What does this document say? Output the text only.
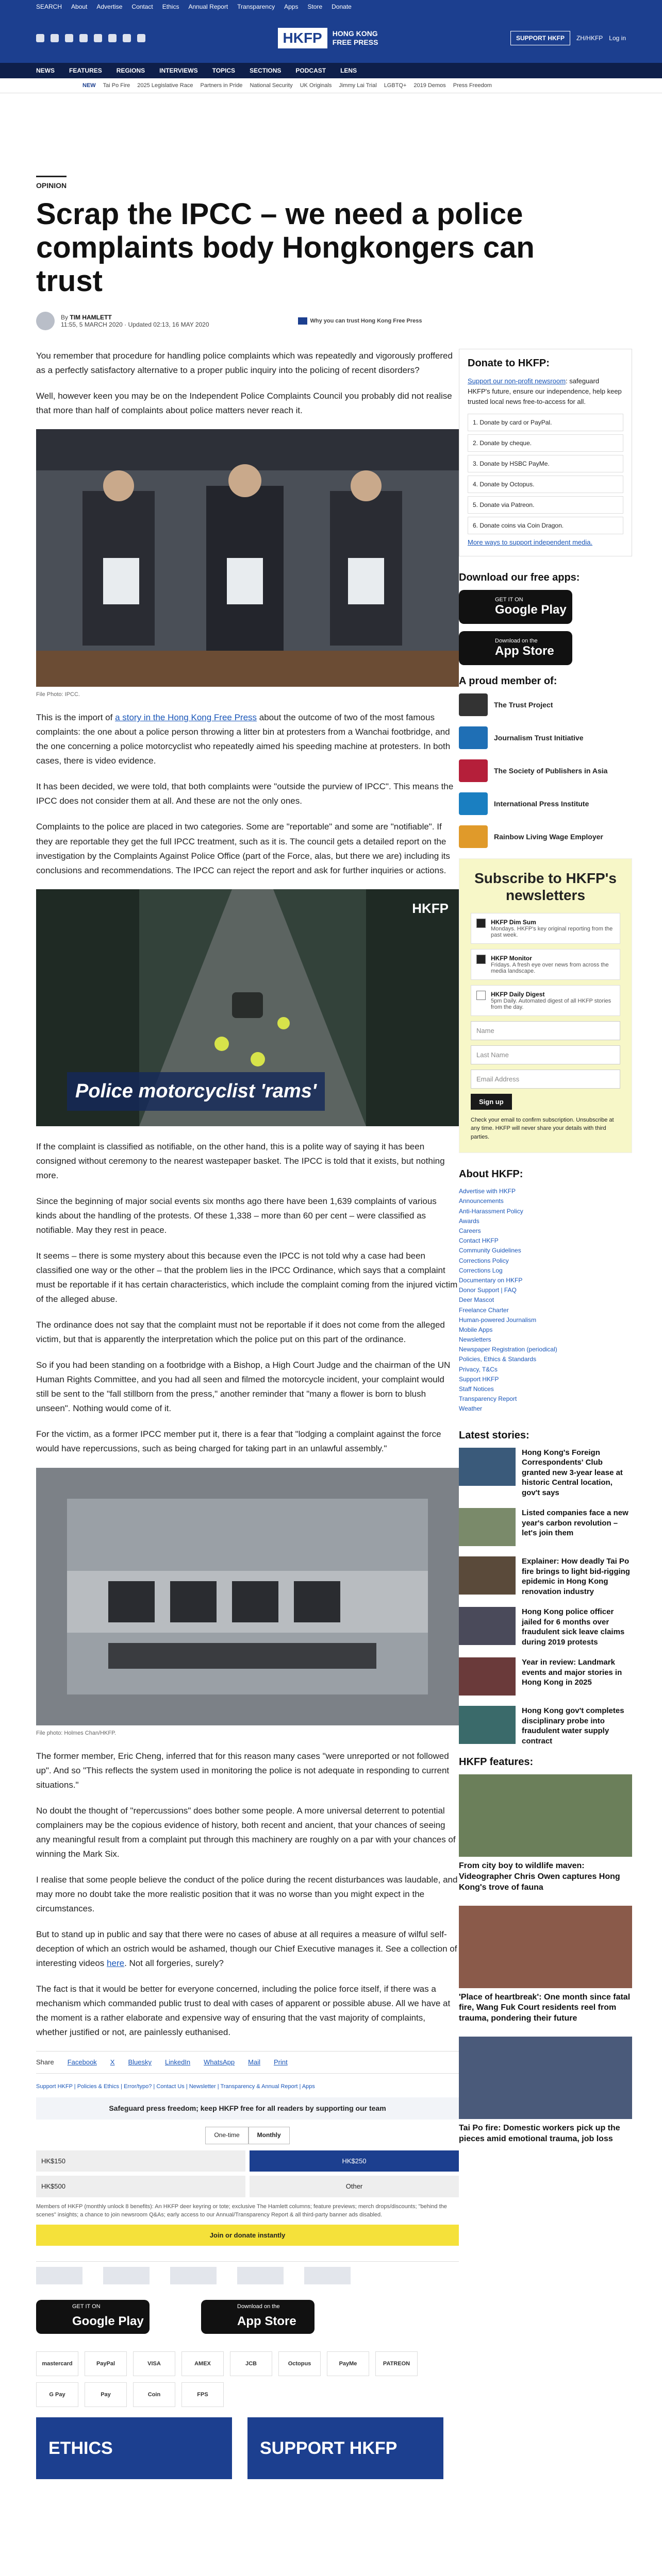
SEARCH About Advertise Contact Ethics Annual Report Transparency Apps Store Donate
HKFP	HONG KONG
FREE PRESS	SUPPORT HKFP	ZH/HKFP Log in
NEWS FEATURES REGIONS INTERVIEWS TOPICS SECTIONS PODCAST LENS
NEW Tai Po Fire 2025 Legislative Race Partners in Pride National Security UK Originals Jimmy Lai Trial LGBTQ+ 2019 Demos Press Freedom
OPINION
Scrap the IPCC – we need a police complaints body Hongkongers can trust
By TIM HAMLETT
11:55, 5 MARCH 2020 · Updated 02:13, 16 MAY 2020	Why you can trust Hong Kong Free Press

You remember that procedure for handling police complaints which was repeatedly and vigorously proffered as a perfectly satisfactory alternative to a proper public inquiry into the policing of recent disorders?

Well, however keen you may be on the Independent Police Complaints Council you probably did not realise that more than half of complaints about police matters never reach it.

File Photo: IPCC.

This is the import of a story in the Hong Kong Free Press about the outcome of two of the most famous complaints: the one about a police person throwing a litter bin at protesters from a Wanchai footbridge, and the one concerning a police motorcyclist who repeatedly aimed his speeding machine at protesters. In both cases, there is video evidence.

It has been decided, we were told, that both complaints were "outside the purview of IPCC". This means the IPCC does not consider them at all. And these are not the only ones.

Complaints to the police are placed in two categories. Some are "reportable" and some are "notifiable". If they are reportable they get the full IPCC treatment, such as it is. The council gets a detailed report on the investigation by the Complaints Against Police Office (part of the Force, alas, but there we are) including its conclusions and recommendations. The IPCC can reject the report and ask for further inquiries or actions.

HKFP
Police motorcyclist 'rams'

If the complaint is classified as notifiable, on the other hand, this is a polite way of saying it has been consigned without ceremony to the nearest wastepaper basket. The IPCC is told that it exists, but nothing more.

Since the beginning of major social events six months ago there have been 1,639 complaints of various kinds about the handling of the protests. Of these 1,338 – more than 60 per cent – were classified as notifiable. May they rest in peace.

It seems – there is some mystery about this because even the IPCC is not told why a case had been classified one way or the other – that the problem lies in the IPCC Ordinance, which says that a complaint must be reportable if it has certain characteristics, which include the complaint coming from the injured victim of the alleged abuse.

The ordinance does not say that the complaint must not be reportable if it does not come from the alleged victim, but that is apparently the interpretation which the police put on this part of the ordinance.

So if you had been standing on a footbridge with a Bishop, a High Court Judge and the chairman of the UN Human Rights Committee, and you had all seen and filmed the motorcycle incident, your complaint would still be sent to the "fall stillborn from the press," another reminder that "many a flower is born to blush unseen". Nothing would come of it.

For the victim, as a former IPCC member put it, there is a fear that "lodging a complaint against the force would have repercussions, such as being charged for taking part in an unlawful assembly."

File photo: Holmes Chan/HKFP.

The former member, Eric Cheng, inferred that for this reason many cases "were unreported or not followed up". And so "This reflects the system used in monitoring the police is not adequate in responding to current situations."

No doubt the thought of "repercussions" does bother some people. A more universal deterrent to potential complainers may be the copious evidence of history, both recent and ancient, that your chances of seeing any meaningful result from a complaint put through this machinery are roughly on a par with your chances of winning the Mark Six.

I realise that some people believe the conduct of the police during the recent disturbances was laudable, and may more no doubt take the more realistic position that it was no worse than you might expect in the circumstances.

But to stand up in public and say that there were no cases of abuse at all requires a measure of wilful self-deception of which an ostrich would be ashamed, though our Chief Executive manages it. See a collection of interesting videos here. Not all forgeries, surely?

The fact is that it would be better for everyone concerned, including the police force itself, if there was a mechanism which commanded public trust to deal with cases of apparent or possible abuse. All we have at the moment is a rather elaborate and expensive way of ensuring that the vast majority of complaints, whether justified or not, are painlessly euthanised.

Share Facebook X Bluesky LinkedIn WhatsApp Mail Print
Support HKFP | Policies & Ethics | Error/typo? | Contact Us | Newsletter | Transparency & Annual Report | Apps
Safeguard press freedom; keep HKFP free for all readers by supporting our team
One-time	Monthly
HK$150	HK$250
HK$500	Other
Members of HKFP (monthly unlock 8 benefits): An HKFP deer keyring or tote; exclusive The Hamlett columns; feature previews; merch drops/discounts; "behind the scenes" insights; a chance to join newsroom Q&As; early access to our Annual/Transparency Report & all third-party banner ads disabled.
Join or donate instantly
GET IT ON
Google Play
Download on the
App Store
mastercard	PayPal	VISA	AMEX	JCB	Octopus	PayMe	PATREON
G Pay	Pay	Coin	FPS
ETHICS	SUPPORT HKFP
Donate to HKFP:

Support our non-profit newsroom: safeguard HKFP's future, ensure our independence, help keep trusted local news free-to-access for all.

1. Donate by card or PayPal.
2. Donate by cheque.
3. Donate by HSBC PayMe.
4. Donate by Octopus.
5. Donate via Patreon.
6. Donate coins via Coin Dragon.
More ways to support independent media.
Download our free apps:
GET IT ON
Google Play
Download on the
App Store
A proud member of:
The Trust Project
Journalism Trust Initiative
The Society of Publishers in Asia
International Press Institute
Rainbow Living Wage Employer
Subscribe to HKFP's newsletters
HKFP Dim Sum
Mondays. HKFP's key original reporting from the past week.
HKFP Monitor
Fridays. A fresh eye over news from across the media landscape.
HKFP Daily Digest
5pm Daily. Automated digest of all HKFP stories from the day.
Name
Last Name
Email Address
Sign up
Check your email to confirm subscription. Unsubscribe at any time. HKFP will never share your details with third parties.
About HKFP:
Advertise with HKFP
Announcements
Anti-Harassment Policy
Awards
Careers
Contact HKFP
Community Guidelines
Corrections Policy
Corrections Log
Documentary on HKFP
Donor Support | FAQ
Deer Mascot
Freelance Charter
Human-powered Journalism
Mobile Apps
Newsletters
Newspaper Registration (periodical)
Policies, Ethics & Standards
Privacy, T&Cs
Support HKFP
Staff Notices
Transparency Report
Weather
Latest stories:
Hong Kong's Foreign Correspondents' Club granted new 3-year lease at historic Central location, gov't says
Listed companies face a new year's carbon revolution – let's join them
Explainer: How deadly Tai Po fire brings to light bid-rigging epidemic in Hong Kong renovation industry
Hong Kong police officer jailed for 6 months over fraudulent sick leave claims during 2019 protests
Year in review: Landmark events and major stories in Hong Kong in 2025
Hong Kong gov't completes disciplinary probe into fraudulent water supply contract
HKFP features:
From city boy to wildlife maven: Videographer Chris Owen captures Hong Kong's trove of fauna
'Place of heartbreak': One month since fatal fire, Wang Fuk Court residents reel from trauma, pondering their future
Tai Po fire: Domestic workers pick up the pieces amid emotional trauma, job loss
